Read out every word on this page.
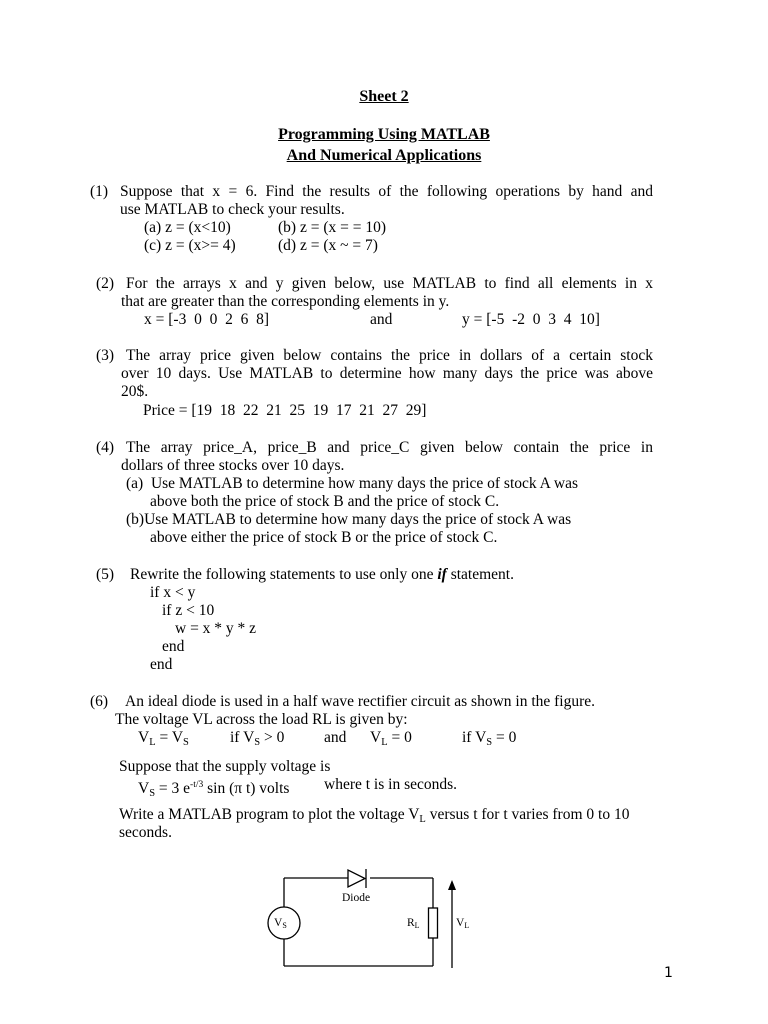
Sheet 2
Programming Using MATLAB
And Numerical Applications
(1) Suppose that x = 6. Find the results of the following operations by hand and
use MATLAB to check your results.
(a) z = (x<10)	(b) z = (x = = 10)
(c) z = (x>= 4)	(d) z = (x ~ = 7)
(2) For the arrays x and y given below, use MATLAB to find all elements in x
that are greater than the corresponding elements in y.
x = [-3  0  0  2  6  8]	and	y = [-5  -2  0  3  4  10]
(3) The array price given below contains the price in dollars of a certain stock
over 10 days. Use MATLAB to determine how many days the price was above
20$.
Price = [19  18  22  21  25  19  17  21  27  29]
(4) The array price_A, price_B and price_C given below contain the price in
dollars of three stocks over 10 days.
(a)  Use MATLAB to determine how many days the price of stock A was
above both the price of stock B and the price of stock C.
(b)Use MATLAB to determine how many days the price of stock A was
above either the price of stock B or the price of stock C.
(5) Rewrite the following statements to use only one if statement.
if x < y
if z < 10
w = x * y * z
end
end
(6) An ideal diode is used in a half wave rectifier circuit as shown in the figure.
The voltage VL across the load RL is given by:
$V_L = V_S$	if $V_S > 0$	and $V_L = 0$	if $V_S = 0$
Suppose that the supply voltage is
$V_S = 3$ $e^{-t/3}$ sin (π t) volts where t is in seconds.
Write a MATLAB program to plot the voltage $V_L$ versus t for t varies from 0 to 10
seconds.
Diode
VS	RL	VL
1
